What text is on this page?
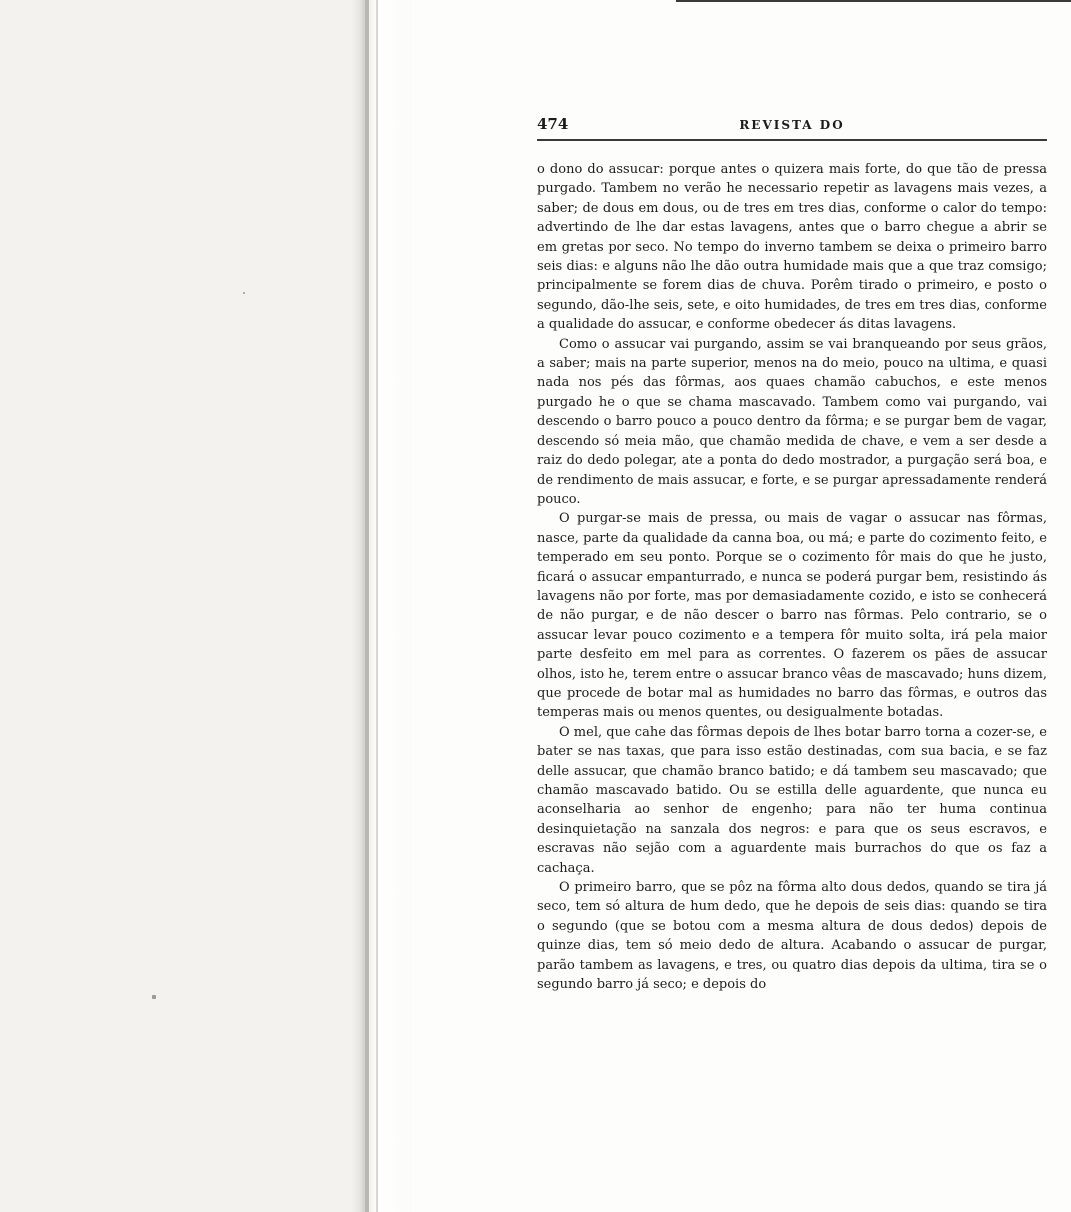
474	REVISTA DO

o dono do assucar: porque antes o quizera mais forte, do que tão de pressa purgado. Tambem no verão he necessario repetir as lavagens mais vezes, a saber; de dous em dous, ou de tres em tres dias, conforme o calor do tempo: advertindo de lhe dar estas lavagens, antes que o barro chegue a abrir se em gretas por seco. No tempo do inverno tambem se deixa o primeiro barro seis dias: e alguns não lhe dão outra humidade mais que a que traz comsigo; principalmente se forem dias de chuva. Porêm tirado o primeiro, e posto o segundo, dão-lhe seis, sete, e oito humidades, de tres em tres dias, conforme a qualidade do assucar, e conforme obedecer ás ditas lavagens.

Como o assucar vai purgando, assim se vai branqueando por seus grãos, a saber; mais na parte superior, menos na do meio, pouco na ultima, e quasi nada nos pés das fôrmas, aos quaes chamão cabuchos, e este menos purgado he o que se chama mascavado. Tambem como vai purgando, vai descendo o barro pouco a pouco dentro da fôrma; e se purgar bem de vagar, descendo só meia mão, que chamão medida de chave, e vem a ser desde a raiz do dedo polegar, ate a ponta do dedo mostrador, a purgação será boa, e de rendimento de mais assucar, e forte, e se purgar apressadamente renderá pouco.

O purgar-se mais de pressa, ou mais de vagar o assucar nas fôrmas, nasce, parte da qualidade da canna boa, ou má; e parte do cozimento feito, e temperado em seu ponto. Porque se o cozimento fôr mais do que he justo, ficará o assucar empanturrado, e nunca se poderá purgar bem, resistindo ás lavagens não por forte, mas por demasiadamente cozido, e isto se conhecerá de não purgar, e de não descer o barro nas fôrmas. Pelo contrario, se o assucar levar pouco cozimento e a tempera fôr muito solta, irá pela maior parte desfeito em mel para as correntes. O fazerem os pães de assucar olhos, isto he, terem entre o assucar branco vêas de mascavado; huns dizem, que procede de botar mal as humidades no barro das fôrmas, e outros das temperas mais ou menos quentes, ou desigualmente botadas.

O mel, que cahe das fôrmas depois de lhes botar barro torna a cozer-se, e bater se nas taxas, que para isso estão destinadas, com sua bacia, e se faz delle assucar, que chamão branco batido; e dá tambem seu mascavado; que chamão mascavado batido. Ou se estilla delle aguardente, que nunca eu aconselharia ao senhor de engenho; para não ter huma continua desinquietação na sanzala dos negros: e para que os seus escravos, e escravas não sejão com a aguardente mais burrachos do que os faz a cachaça.

O primeiro barro, que se pôz na fôrma alto dous dedos, quando se tira já seco, tem só altura de hum dedo, que he depois de seis dias: quando se tira o segundo (que se botou com a mesma altura de dous dedos) depois de quinze dias, tem só meio dedo de altura. Acabando o assucar de purgar, parão tambem as lavagens, e tres, ou quatro dias depois da ultima, tira se o segundo barro já seco; e depois do
